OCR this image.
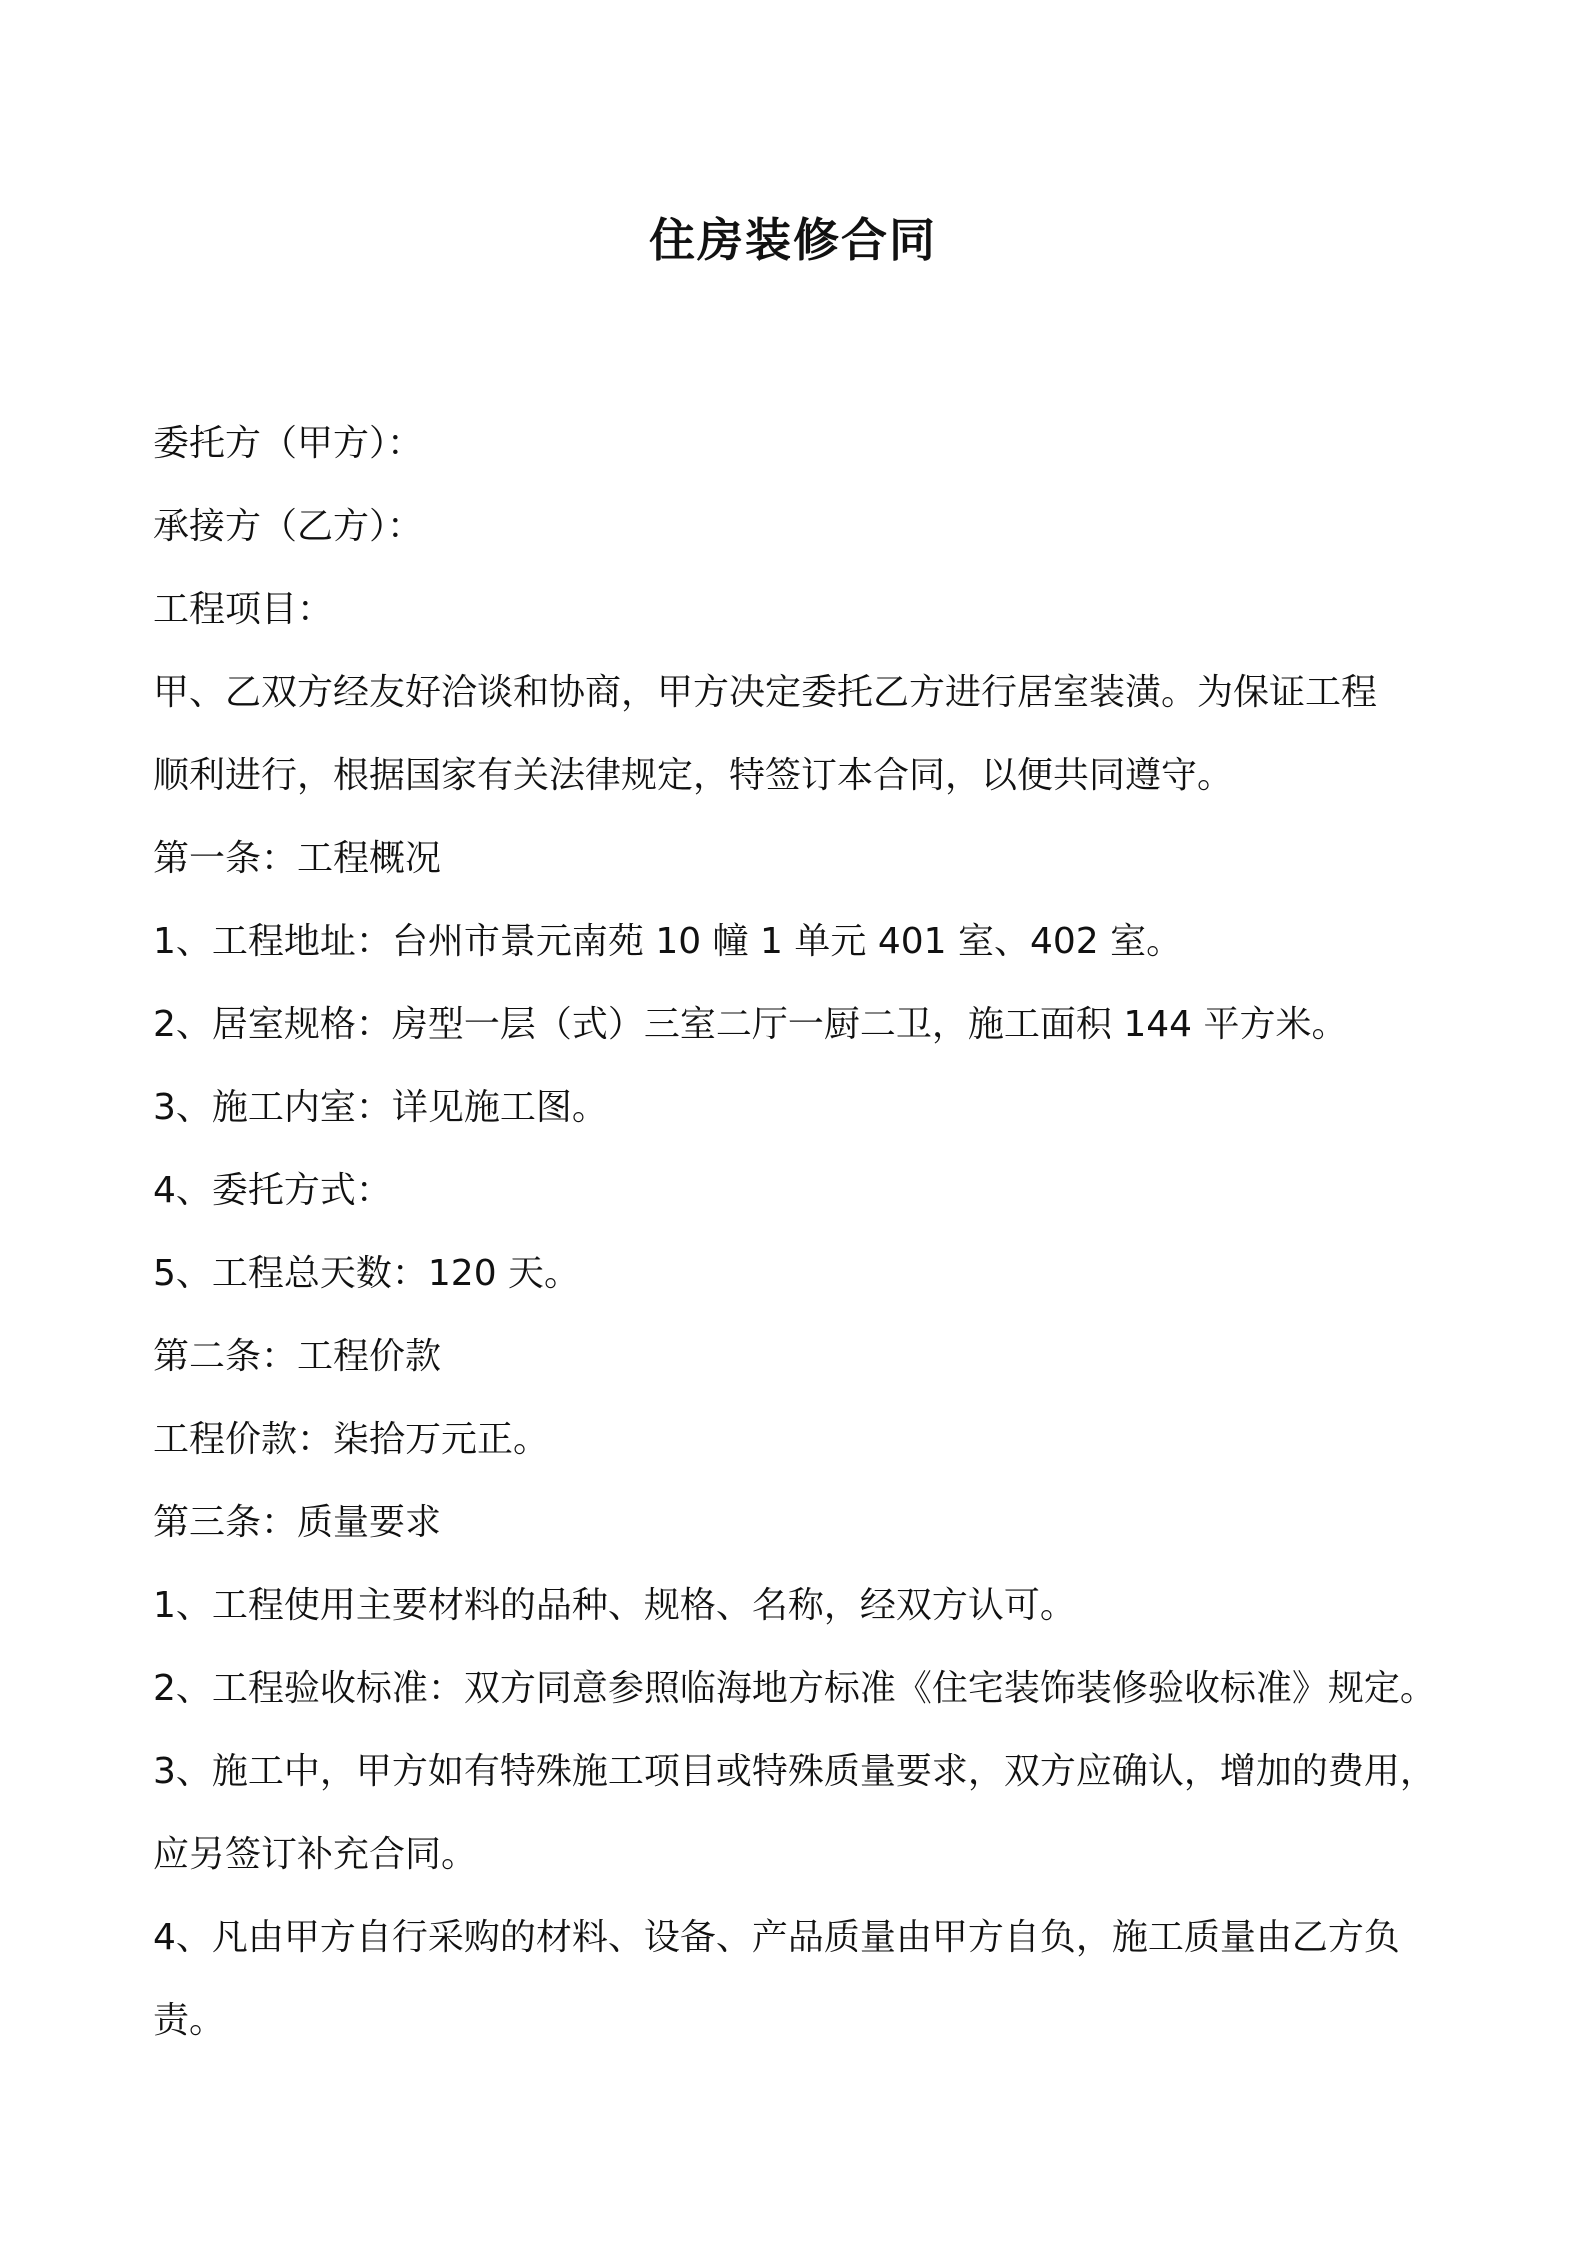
住房装修合同
委托方（甲方）：
承接方（乙方）：
工程项目：
甲、乙双方经友好洽谈和协商，甲方决定委托乙方进行居室装潢。为保证工程
顺利进行，根据国家有关法律规定，特签订本合同，以便共同遵守。
第一条：工程概况
1、工程地址：台州市景元南苑 10 幢 1 单元 401 室、402 室。
2、居室规格：房型一层（式）三室二厅一厨二卫，施工面积 144 平方米。
3、施工内室：详见施工图。
4、委托方式：
5、工程总天数：120 天。
第二条：工程价款
工程价款：柒拾万元正。
第三条：质量要求
1、工程使用主要材料的品种、规格、名称，经双方认可。
2、工程验收标准：双方同意参照临海地方标准《住宅装饰装修验收标准》规定。
3、施工中，甲方如有特殊施工项目或特殊质量要求，双方应确认，增加的费用，
应另签订补充合同。
4、凡由甲方自行采购的材料、设备、产品质量由甲方自负，施工质量由乙方负
责。
